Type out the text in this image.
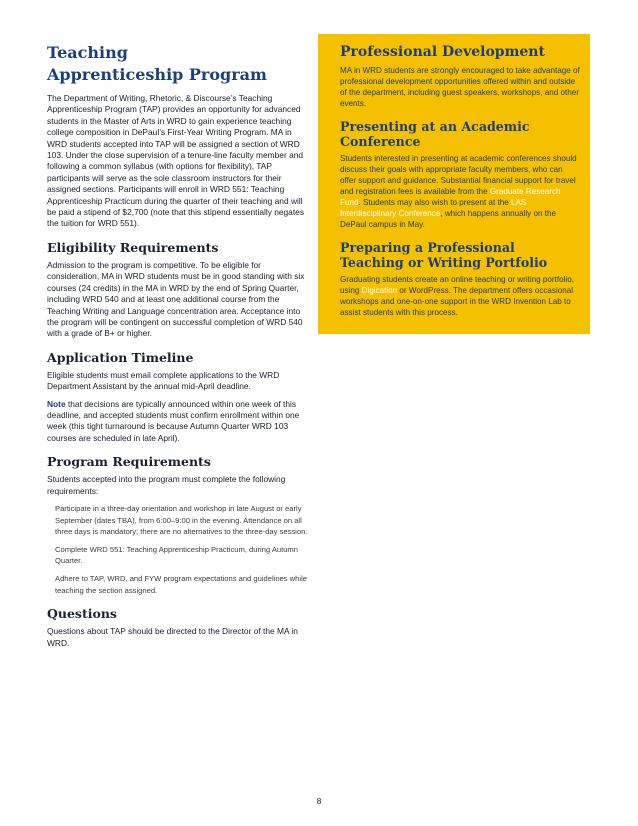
Teaching
Apprenticeship Program

The Department of Writing, Rhetoric, & Discourse’s Teaching Apprenticeship Program (TAP) provides an opportunity for advanced students in the Master of Arts in WRD to gain experience teaching college composition in DePaul’s First-Year Writing Program. MA in WRD students accepted into TAP will be assigned a section of WRD 103. Under the close supervision of a tenure-line faculty member and following a common syllabus (with options for flexibility), TAP participants will serve as the sole classroom instructors for their assigned sections. Participants will enroll in WRD 551: Teaching Apprenticeship Practicum during the quarter of their teaching and will be paid a stipend of $2,700 (note that this stipend essentially negates the tuition for WRD 551).

Eligibility Requirements

Admission to the program is competitive. To be eligible for consideration, MA in WRD students must be in good standing with six courses (24 credits) in the MA in WRD by the end of Spring Quarter, including WRD 540 and at least one additional course from the Teaching Writing and Language concentration area. Acceptance into the program will be contingent on successful completion of WRD 540 with a grade of B+ or higher.

Application Timeline

Eligible students must email complete applications to the WRD Department Assistant by the annual mid-April deadline.

Note that decisions are typically announced within one week of this deadline, and accepted students must confirm enrollment within one week (this tight turnaround is because Autumn Quarter WRD 103 courses are scheduled in late April).

Program Requirements

Students accepted into the program must complete the following requirements:

Participate in a three-day orientation and workshop in late August or early September (dates TBA), from 6:00–9:00 in the evening. Attendance on all three days is mandatory; there are no alternatives to the three-day session.

Complete WRD 551: Teaching Apprenticeship Practicum, during Autumn Quarter.

Adhere to TAP, WRD, and FYW program expectations and guidelines while teaching the section assigned.

Questions

Questions about TAP should be directed to the Director of the MA in WRD.

Professional Development

MA in WRD students are strongly encouraged to take advantage of professional development opportunities offered within and outside of the department, including guest speakers, workshops, and other events.

Presenting at an Academic Conference

Students interested in presenting at academic conferences should discuss their goals with appropriate faculty members, who can offer support and guidance. Substantial financial support for travel and registration fees is available from the Graduate Research Fund. Students may also wish to present at the LAS Interdisciplinary Conference, which happens annually on the DePaul campus in May.

Preparing a Professional
Teaching or Writing Portfolio

Graduating students create an online teaching or writing portfolio, using Digication or WordPress. The department offers occasional workshops and one-on-one support in the WRD Invention Lab to assist students with this process.

8
